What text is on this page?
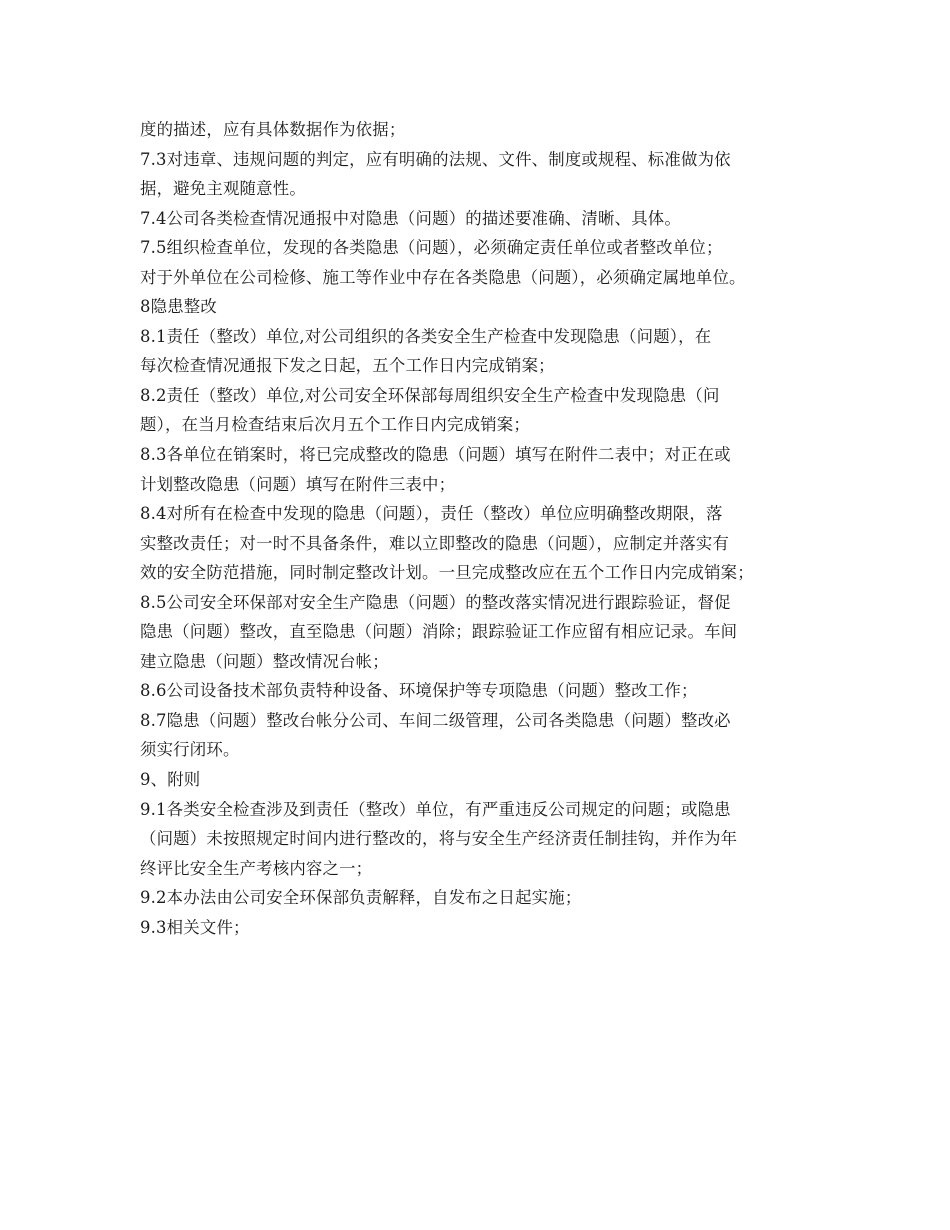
度的描述，应有具体数据作为依据；
7.3对违章、违规问题的判定，应有明确的法规、文件、制度或规程、标准做为依
据，避免主观随意性。
7.4公司各类检查情况通报中对隐患（问题）的描述要准确、清晰、具体。
7.5组织检查单位，发现的各类隐患（问题），必须确定责任单位或者整改单位；
对于外单位在公司检修、施工等作业中存在各类隐患（问题），必须确定属地单位。
8隐患整改
8.1责任（整改）单位,对公司组织的各类安全生产检查中发现隐患（问题），在
每次检查情况通报下发之日起，五个工作日内完成销案；
8.2责任（整改）单位,对公司安全环保部每周组织安全生产检查中发现隐患（问
题），在当月检查结束后次月五个工作日内完成销案；
8.3各单位在销案时，将已完成整改的隐患（问题）填写在附件二表中；对正在或
计划整改隐患（问题）填写在附件三表中；
8.4对所有在检查中发现的隐患（问题），责任（整改）单位应明确整改期限，落
实整改责任；对一时不具备条件，难以立即整改的隐患（问题），应制定并落实有
效的安全防范措施，同时制定整改计划。一旦完成整改应在五个工作日内完成销案；
8.5公司安全环保部对安全生产隐患（问题）的整改落实情况进行跟踪验证，督促
隐患（问题）整改，直至隐患（问题）消除；跟踪验证工作应留有相应记录。车间
建立隐患（问题）整改情况台帐；
8.6公司设备技术部负责特种设备、环境保护等专项隐患（问题）整改工作；
8.7隐患（问题）整改台帐分公司、车间二级管理，公司各类隐患（问题）整改必
须实行闭环。
9、附则
9.1各类安全检查涉及到责任（整改）单位，有严重违反公司规定的问题；或隐患
（问题）未按照规定时间内进行整改的，将与安全生产经济责任制挂钩，并作为年
终评比安全生产考核内容之一；
9.2本办法由公司安全环保部负责解释，自发布之日起实施；
9.3相关文件；
